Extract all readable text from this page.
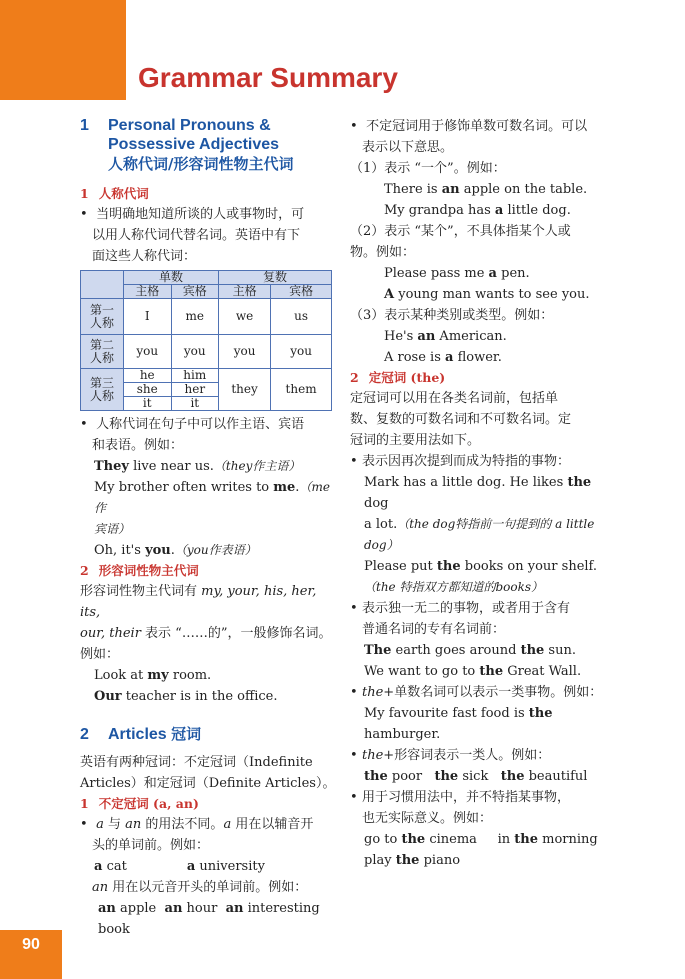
Grammar Summary
1 Personal Pronouns &
Possessive Adjectives
人称代词/形容词性物主代词
1 人称代词
• 当明确地知道所谈的人或事物时，可
以用人称代词代替名词。英语中有下
面这些人称代词：
	单数		复数	
	主格	宾格	主格	宾格
第一
人称	I	me	we	us
第二
人称	you	you	you	you
第三
人称	he	him	they	them
	she	her		
	it	it		
• 人称代词在句子中可以作主语、宾语
和表语。例如：
They live near us.（they作主语）
My brother often writes to me.（me作
宾语）
Oh, it's you.（you作表语）
2 形容词性物主代词
形容词性物主代词有 my, your, his, her, its,
our, their 表示 “……的”，一般修饰名词。
例如：
Look at my room.
Our teacher is in the office.
2 Articles 冠词
英语有两种冠词：不定冠词（Indefinite
Articles）和定冠词（Definite Articles）。
1 不定冠词 (a, an)
• a 与 an 的用法不同。a 用在以辅音开
头的单词前。例如：
a cat	a university
an 用在以元音开头的单词前。例如：
an apple an hour an interesting book
• 不定冠词用于修饰单数可数名词。可以
表示以下意思。
（1）表示 “一个”。例如：
There is an apple on the table.
My grandpa has a little dog.
（2）表示 “某个”，不具体指某个人或
物。例如：
Please pass me a pen.
A young man wants to see you.
（3）表示某种类别或类型。例如：
He's an American.
A rose is a flower.
2 定冠词 (the)
定冠词可以用在各类名词前，包括单
数、复数的可数名词和不可数名词。定
冠词的主要用法如下。
• 表示因再次提到而成为特指的事物：
Mark has a little dog. He likes the dog
a lot.（the dog特指前一句提到的 a little
dog）
Please put the books on your shelf.
（the 特指双方都知道的books）
• 表示独一无二的事物，或者用于含有
普通名词的专有名词前：
The earth goes around the sun.
We want to go to the Great Wall.
• the+单数名词可以表示一类事物。例如：
My favourite fast food is the
hamburger.
• the+形容词表示一类人。例如：
the poor the sick the beautiful
• 用于习惯用法中，并不特指某事物，
也无实际意义。例如：
go to the cinema in the morning
play the piano
90
